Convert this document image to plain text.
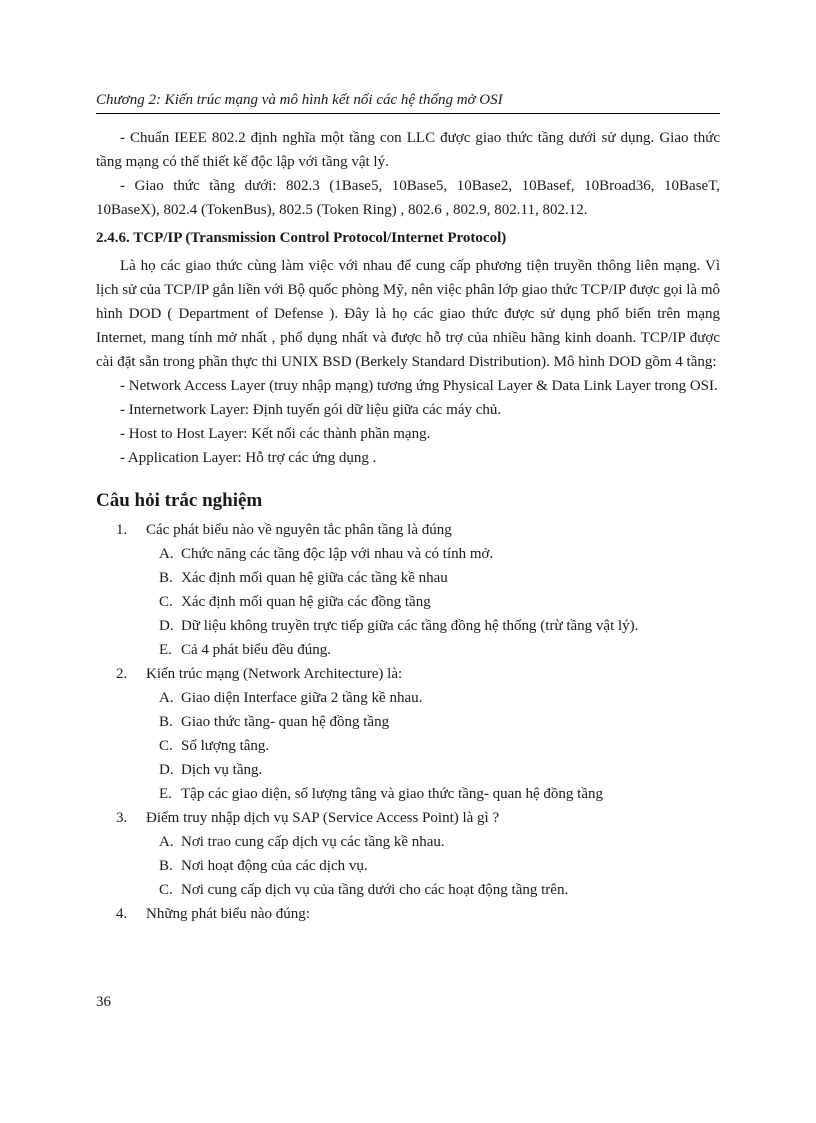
Chương 2: Kiến trúc mạng và mô hình kết nối các hệ thống mở OSI

- Chuẩn IEEE 802.2 định nghĩa một tầng con LLC được giao thức tầng dưới sử dụng. Giao thức tầng mạng có thể thiết kế độc lập với tầng vật lý.

- Giao thức tầng dưới: 802.3 (1Base5, 10Base5, 10Base2, 10Basef, 10Broad36, 10BaseT, 10BaseX), 802.4 (TokenBus), 802.5 (Token Ring) , 802.6 , 802.9, 802.11, 802.12.

2.4.6. TCP/IP (Transmission Control Protocol/Internet Protocol)

Là họ các giao thức cùng làm việc với nhau để cung cấp phương tiện truyền thông liên mạng. Vì lịch sử của TCP/IP gắn liền với Bộ quốc phòng Mỹ, nên việc phân lớp giao thức TCP/IP được gọi là mô hình DOD ( Department of Defense ). Đây là họ các giao thức được sử dụng phổ biến trên mạng Internet, mang tính mở nhất , phổ dụng nhất và được hỗ trợ của nhiều hãng kinh doanh. TCP/IP được cài đặt sẵn trong phần thực thi UNIX BSD (Berkely Standard Distribution). Mô hình DOD gồm 4 tầng:

- Network Access Layer (truy nhập mạng) tương ứng Physical Layer & Data Link Layer trong OSI.

- Internetwork Layer: Định tuyến gói dữ liệu giữa các máy chủ.

- Host to Host Layer: Kết nối các thành phần mạng.

- Application Layer: Hỗ trợ các ứng dụng .

Câu hỏi trắc nghiệm
1. Các phát biểu nào về nguyên tắc phân tầng là đúng
A. Chức năng các tầng độc lập với nhau và có tính mở.
B. Xác định mối quan hệ giữa các tầng kề nhau
C. Xác định mối quan hệ giữa các đồng tầng
D. Dữ liệu không truyền trực tiếp giữa các tầng đồng hệ thống (trừ tầng vật lý).
E. Cả 4 phát biểu đều đúng.
2. Kiến trúc mạng (Network Architecture) là:
A. Giao diện Interface giữa 2 tầng kề nhau.
B. Giao thức tầng- quan hệ đồng tầng
C. Số lượng tâng.
D. Dịch vụ tầng.
E. Tập các giao diện, số lượng tâng và giao thức tầng- quan hệ đồng tầng
3. Điểm truy nhập dịch vụ SAP (Service Access Point) là gì ?
A. Nơi trao cung cấp dịch vụ các tầng kề nhau.
B. Nơi hoạt động của các dịch vụ.
C. Nơi cung cấp dịch vụ của tầng dưới cho các hoạt động tầng trên.
4. Những phát biểu nào đúng:
36
